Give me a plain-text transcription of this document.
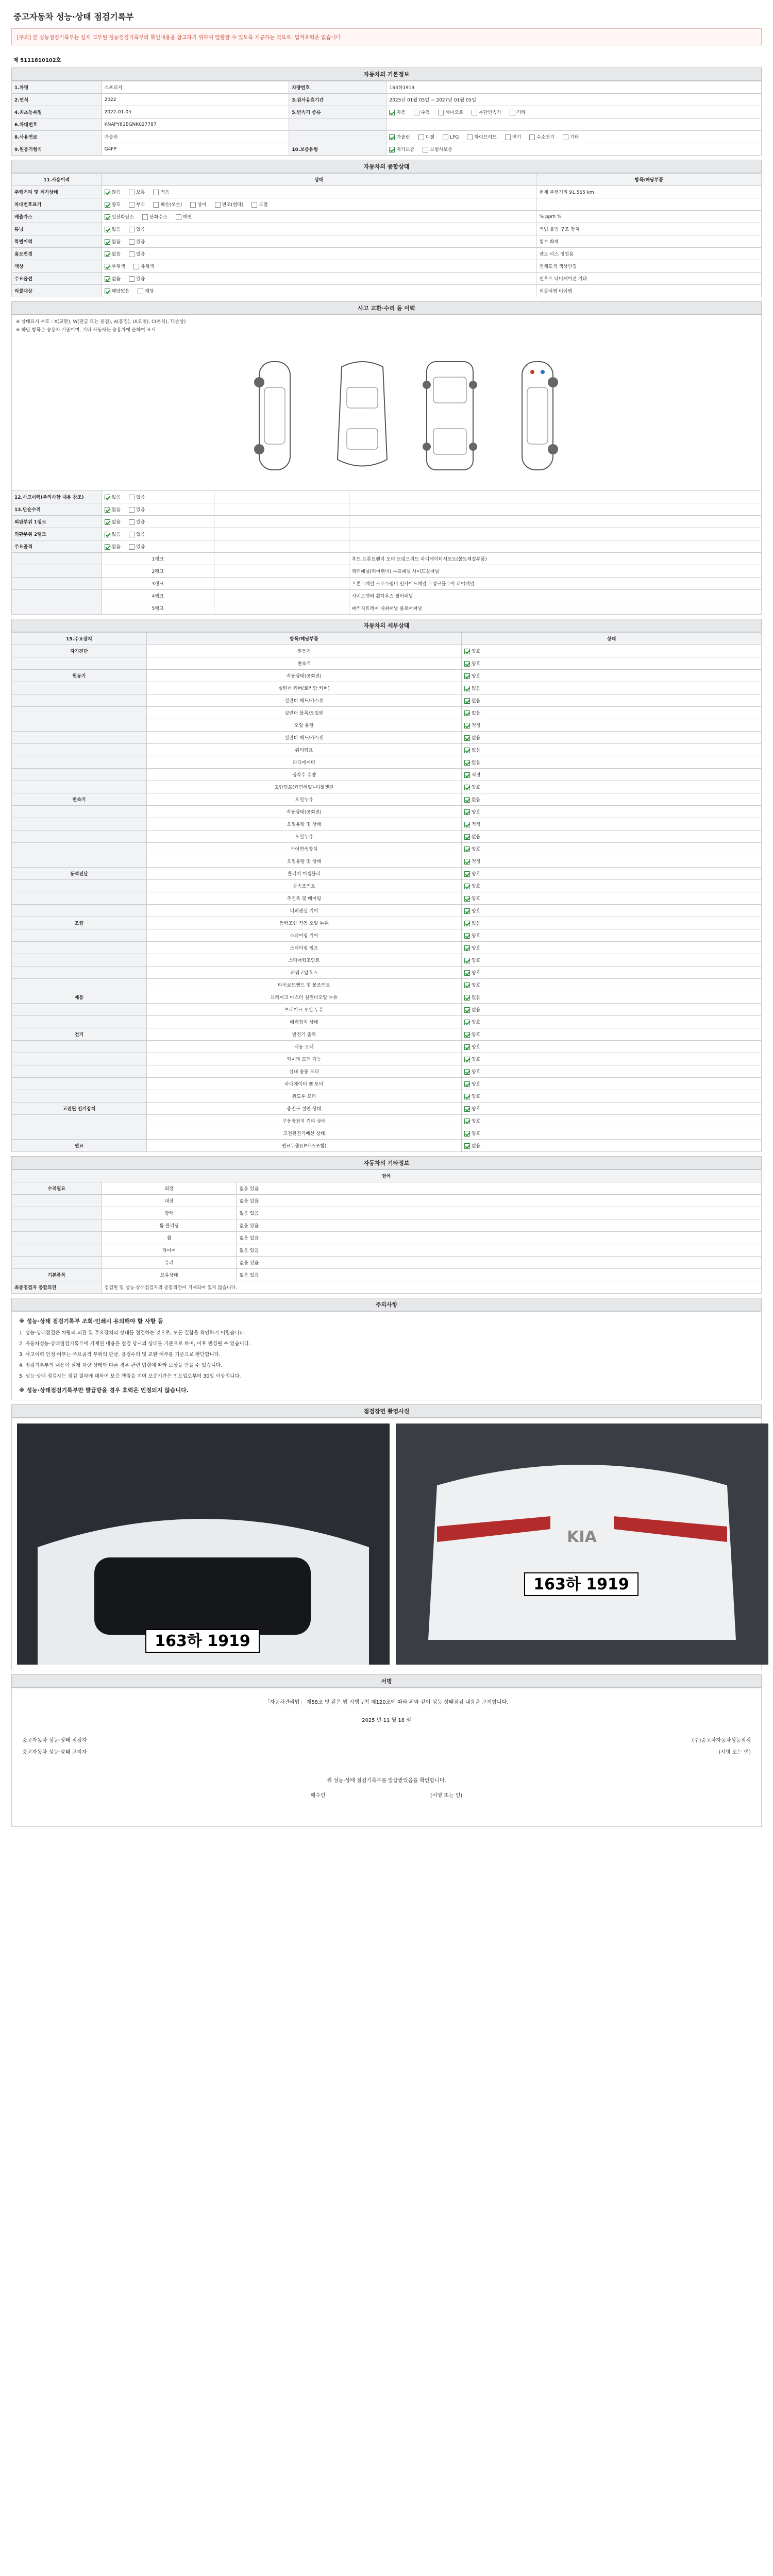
중고자동차 성능·상태 점검기록부
[주의] 본 성능점검기록부는 실제 교부된 성능점검기록부의 확인내용을 참고하기 위하여 열람할 수 있도록 제공하는 것으로, 법적효력은 없습니다.
제 5111810102호
자동차의 기본정보
1.차명	스포티지	차량번호	163하1919
2.연식	2022	3.검사유효기간	2025년 01월 05일 ~ 2027년 01월 05일
4.최초등록일	2022-01-05	5.변속기 종류	자동 수동 세미오토 무단변속기 기타
6.차대번호	KNAPY81BGNK027787		
8.사용연료	가솔린		가솔린 디젤 LPG 하이브리드 전기 수소전기 기타
9.원동기형식	G4FP	10.보증유형	자가보증 보험사보증
자동차의 종합상태
11.사용이력	상태	항목/해당부품
주행거리 및 계기상태	많음 보통 적음	현재 주행거리 91,565 km
차대번호표기	양호 부식 훼손(오손) 상이 변조(변타) 도말	
배출가스	일산화탄소 탄화수소 매연	% ppm %
튜닝	없음 있음	적법 불법 구조 장치
특별이력	없음 있음	침수 화재
용도변경	없음 있음	렌트 리스 영업용
색상	무채색 유채색	전체도색 색상변경
주요옵션	없음 있음	썬루프 네비게이션 기타
리콜대상	해당없음 해당	리콜이행 미이행
사고 교환·수리 등 이력
※ 상태표시 부호 : X(교환), W(판금 또는 용접), A(흠집), U(요철), C(부식), T(손상)
※ 하단 항목은 승용차 기준이며, 기타 자동차는 승용차에 준하여 표시
12.사고이력(주의사항 내용 참조)	없음 있음		
13.단순수리	없음 있음		
외판부위 1랭크	없음 있음		
외판부위 2랭크	없음 있음		
주요골격	없음 있음		
	1랭크		후드 프론트펜더 도어 트렁크리드 라디에이터서포트(볼트체결부품)
	2랭크		쿼터패널(리어펜더) 루프패널 사이드실패널
	3랭크		프론트패널 크로스멤버 인사이드패널 트렁크플로어 리어패널
	4랭크		사이드멤버 휠하우스 필러패널
	5랭크		패키지트레이 대쉬패널 플로어패널
자동차의 세부상태
15.주요장치	항목/해당부품	상태
자기진단	원동기	양호
	변속기	양호
원동기	작동상태(공회전)	양호
	실린더 커버(로커암 커버)	없음
	실린더 헤드/가스켓	없음
	실린더 블록/오일팬	없음
	오일 유량	적정
	실린더 헤드/가스켓	없음
	워터펌프	없음
	라디에이터	없음
	냉각수 수량	적정
	고압펌프(커먼레일)-디젤엔진	양호
변속기	오일누유	없음
	작동상태(공회전)	양호
	오일유량 및 상태	적정
	오일누유	없음
	기어변속장치	양호
	오일유량 및 상태	적정
동력전달	클러치 어셈블리	양호
	등속조인트	양호
	추진축 및 베어링	양호
	디퍼렌셜 기어	양호
조향	동력조향 작동 오일 누유	없음
	스티어링 기어	양호
	스티어링 펌프	양호
	스티어링조인트	양호
	파워고압호스	양호
	타이로드엔드 및 볼조인트	양호
제동	브레이크 마스터 실린더오일 누유	없음
	브레이크 오일 누유	없음
	배력장치 상태	양호
전기	발전기 출력	양호
	시동 모터	양호
	와이퍼 모터 기능	양호
	실내 송풍 모터	양호
	라디에이터 팬 모터	양호
	윈도우 모터	양호
고전원 전기장치	충전구 절연 상태	양호
	구동축전지 격리 상태	양호
	고전원전기배선 상태	양호
연료	연료누출(LP가스포함)	없음
자동차의 기타정보
항목		
수리필요	외장	없음 있음
	내장	없음 있음
	광택	없음 있음
	룸 클리닝	없음 있음
	휠	없음 있음
	타이어	없음 있음
	유리	없음 있음
기본품목	보유상태	없음 있음
최종점검자 종합의견	점검원 및 성능·상태점검자의 종합의견이 기재되어 있지 않습니다.	
주의사항
※ 성능·상태 점검기록부 조회·인쇄시 유의해야 할 사항 등
1. 성능·상태점검은 차량의 외관 및 주요장치의 상태를 점검하는 것으로, 모든 결함을 확인하기 어렵습니다.
2. 자동차성능·상태점검기록부에 기재된 내용은 점검 당시의 상태를 기준으로 하며, 이후 변경될 수 있습니다.
3. 사고이력 인정 여부는 주요골격 부위의 판금, 용접수리 및 교환 여부를 기준으로 판단합니다.
4. 점검기록부의 내용이 실제 차량 상태와 다른 경우 관련 법령에 따라 보상을 받을 수 있습니다.
5. 성능·상태 점검자는 점검 결과에 대하여 보증 책임을 지며 보증기간은 인도일로부터 30일 이상입니다.
※ 성능·상태점검기록부만 발급받을 경우 효력은 인정되지 않습니다.
점검장면 촬영사진
163하 1919
KIA
163하 1919
서명
「자동차관리법」 제58조 및 같은 법 시행규칙 제120조에 따라 위와 같이 성능·상태점검 내용을 고지합니다.
2025 년 11 월 18 일
중고자동차 성능·상태 점검자
중고자동차 성능·상태 고지자
(주)중고차자동차성능점검
(서명 또는 인)
위 성능·상태 점검기록부를 발급받았음을 확인합니다.
매수인	(서명 또는 인)
